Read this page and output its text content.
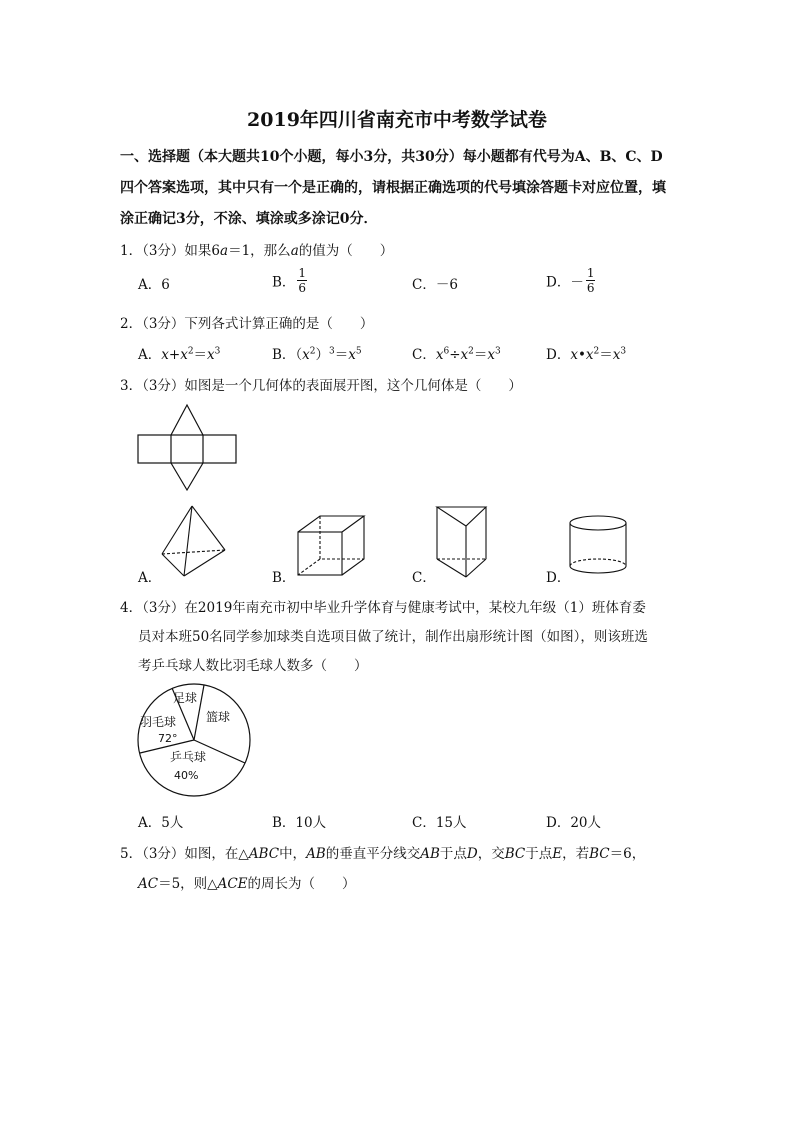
2019年四川省南充市中考数学试卷
一、选择题（本大题共10个小题，每小3分，共30分）每小题都有代号为A、B、C、D
四个答案选项，其中只有一个是正确的，请根据正确选项的代号填涂答题卡对应位置，填
涂正确记3分，不涂、填涂或多涂记0分．
1．（3分）如果6a＝1，那么a的值为（　　）
A．6	B． $\frac{1}{6}$	C．－6	D．－ $\frac{1}{6}$
2．（3分）下列各式计算正确的是（　　）
A．$x+x^2=x^3$	B．$(x^2)^3=x^5$	C．$x^6\div x^2=x^3$	D．$x•x^2=x^3$
3．（3分）如图是一个几何体的表面展开图，这个几何体是（　　）
A．	B．	C．	D．
4．（3分）在2019年南充市初中毕业升学体育与健康考试中，某校九年级（1）班体育委
员对本班50名同学参加球类自选项目做了统计，制作出扇形统计图（如图），则该班选
考乒乓球人数比羽毛球人数多（　　）
足球
篮球
羽毛球
72°
乒乓球
40%
A．5人	B．10人	C．15人	D．20人
5．（3分）如图，在△ABC中，AB的垂直平分线交AB于点D，交BC于点E，若BC＝6，
AC＝5，则△ACE的周长为（　　）
